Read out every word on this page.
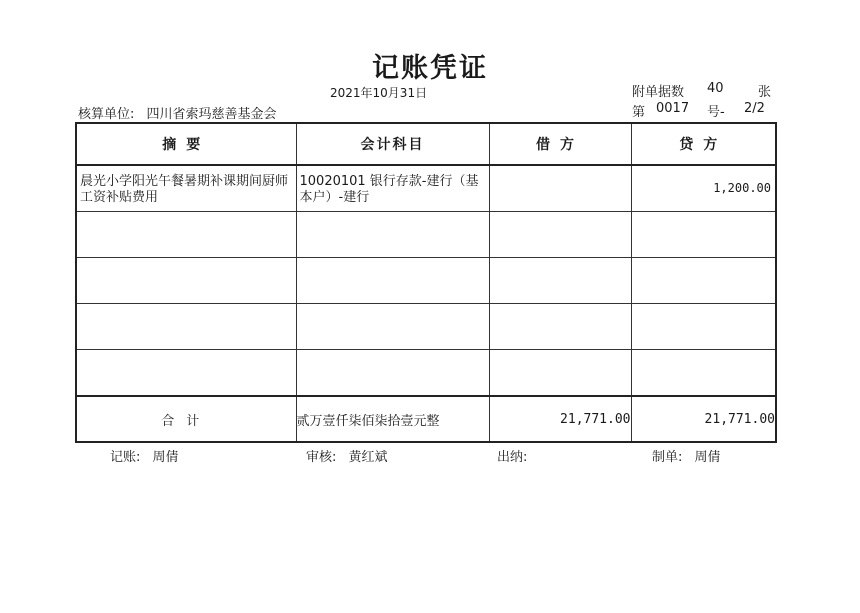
记账凭证
2021年10月31日	附单据数 40	张
核算单位: 四川省索玛慈善基金会	第 0017 号- 2/2
摘要	会计科目	借方	贷方

晨光小学阳光午餐暑期补课期间厨师工资补贴费用	10020101 银行存款-建行（基本户）-建行		1,200.00

合计	贰万壹仟柒佰柒拾壹元整	21,771.00	21,771.00
记账: 周倩	审核: 黄红斌	出纳:	制单: 周倩
